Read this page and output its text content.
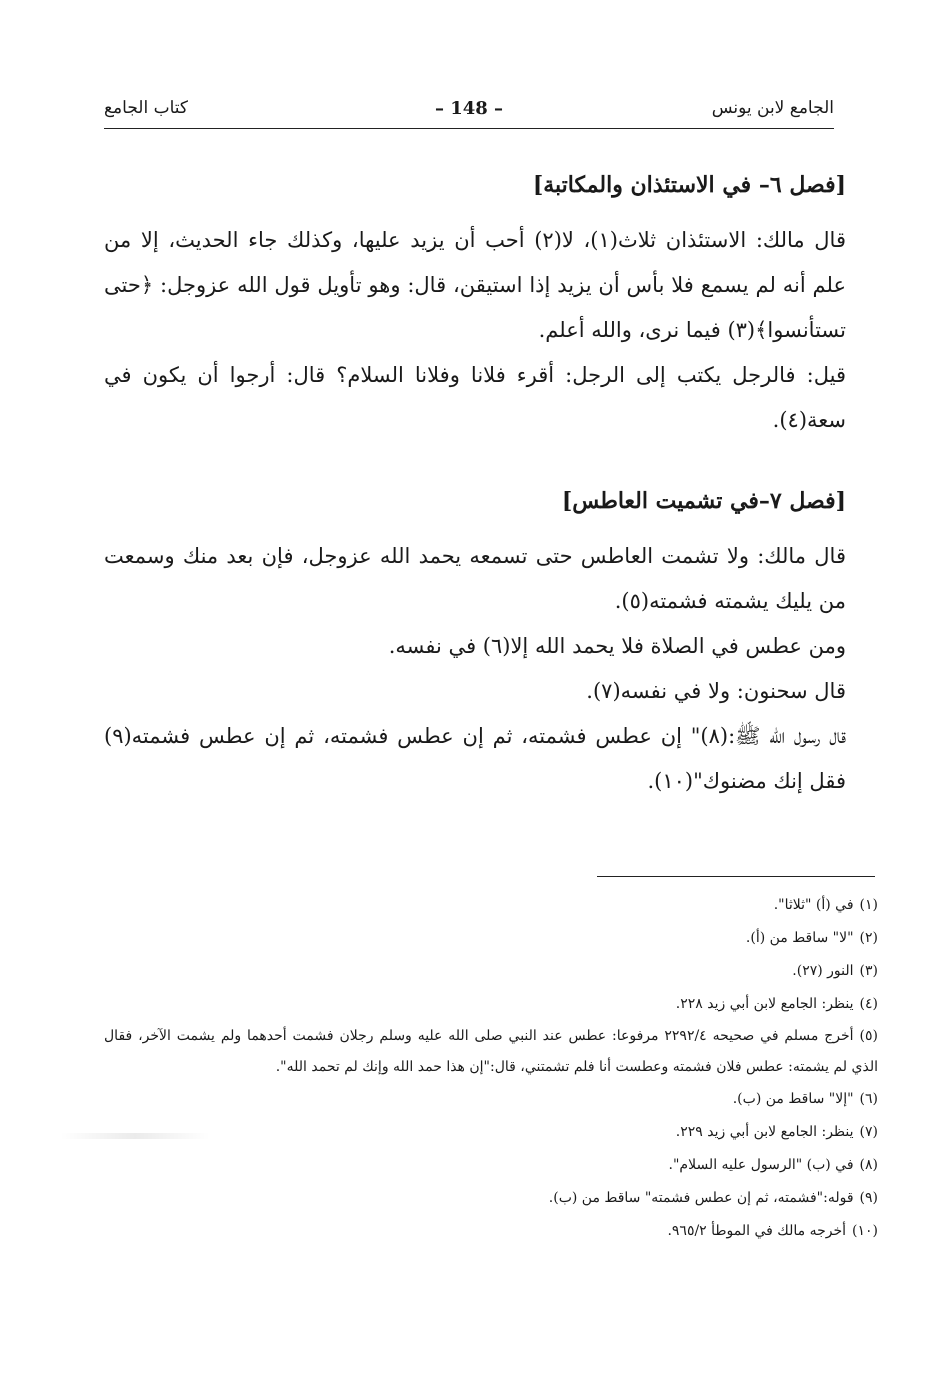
الجامع لابن يونس
– 148 –
كتاب الجامع
[فصل ٦– في الاستئذان والمكاتبة]

قال مالك: الاستئذان ثلاث(١)، لا(٢) أحب أن يزيد عليها، وكذلك جاء الحديث، إلا من علم أنه لم يسمع فلا بأس أن يزيد إذا استيقن، قال: وهو تأويل قول الله عزوجل: ﴿حتى تستأنسوا﴾(٣) فيما نرى، والله أعلم.

قيل: فالرجل يكتب إلى الرجل: أقرء فلانا وفلانا السلام؟ قال: أرجوا أن يكون في سعة(٤).

[فصل ٧–في تشميت العاطس]

قال مالك: ولا تشمت العاطس حتى تسمعه يحمد الله عزوجل، فإن بعد منك وسمعت من يليك يشمته فشمته(٥).

ومن عطس في الصلاة فلا يحمد الله إلا(٦) في نفسه.

قال سحنون: ولا في نفسه(٧).

قال رسول الله ﷺ:(٨)" إن عطس فشمته، ثم إن عطس فشمته، ثم إن عطس فشمته(٩) فقل إنك مضنوك"(١٠).

(١)في (أ) "ثلاثا".

(٢)"لا" ساقط من (أ).

(٣)النور (٢٧).

(٤)ينظر: الجامع لابن أبي زيد ٢٢٨.

(٥)أخرج مسلم في صحيحه ٢٢٩٢/٤ مرفوعا: عطس عند النبي صلى الله عليه وسلم رجلان فشمت أحدهما ولم يشمت الآخر، فقال الذي لم يشمته: عطس فلان فشمته وعطست أنا فلم تشمتني، قال:"إن هذا حمد الله وإنك لم تحمد الله".

(٦)"إلا" ساقط من (ب).

(٧)ينظر: الجامع لابن أبي زيد ٢٢٩.

(٨)في (ب) "الرسول عليه السلام".

(٩)قوله:"فشمته، ثم إن عطس فشمته" ساقط من (ب).

(١٠)أخرجه مالك في الموطأ ٩٦٥/٢.
